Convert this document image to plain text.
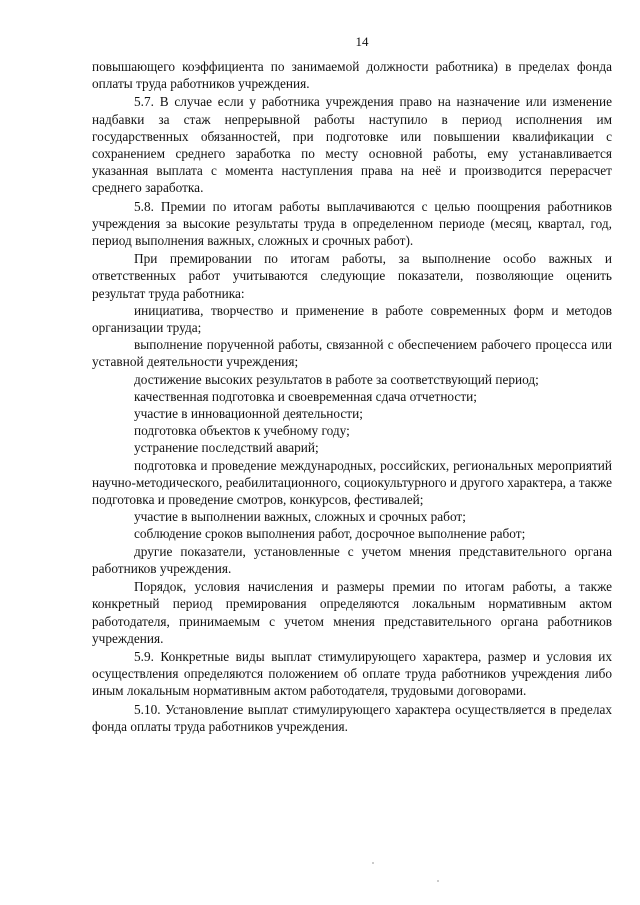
14

повышающего коэффициента по занимаемой должности работника) в пределах фонда оплаты труда работников учреждения.

5.7. В случае если у работника учреждения право на назначение или изменение надбавки за стаж непрерывной работы наступило в период исполнения им государственных обязанностей, при подготовке или повышении квалификации с сохранением среднего заработка по месту основной работы, ему устанавливается указанная выплата с момента наступления права на неё и производится перерасчет среднего заработка.

5.8. Премии по итогам работы выплачиваются с целью поощрения работников учреждения за высокие результаты труда в определенном периоде (месяц, квартал, год, период выполнения важных, сложных и срочных работ).

При премировании по итогам работы, за выполнение особо важных и ответственных работ учитываются следующие показатели, позволяющие оценить результат труда работника:

инициатива, творчество и применение в работе современных форм и методов организации труда;

выполнение порученной работы, связанной с обеспечением рабочего процесса или уставной деятельности учреждения;

достижение высоких результатов в работе за соответствующий период;

качественная подготовка и своевременная сдача отчетности;

участие в инновационной деятельности;

подготовка объектов к учебному году;

устранение последствий аварий;

подготовка и проведение международных, российских, региональных мероприятий научно-методического, реабилитационного, социокультурного и другого характера, а также подготовка и проведение смотров, конкурсов, фестивалей;

участие в выполнении важных, сложных и срочных работ;

соблюдение сроков выполнения работ, досрочное выполнение работ;

другие показатели, установленные с учетом мнения представительного органа работников учреждения.

Порядок, условия начисления и размеры премии по итогам работы, а также конкретный период премирования определяются локальным нормативным актом работодателя, принимаемым с учетом мнения представительного органа работников учреждения.

5.9. Конкретные виды выплат стимулирующего характера, размер и условия их осуществления определяются положением об оплате труда работников учреждения либо иным локальным нормативным актом работодателя, трудовыми договорами.

5.10. Установление выплат стимулирующего характера осуществляется в пределах фонда оплаты труда работников учреждения.
